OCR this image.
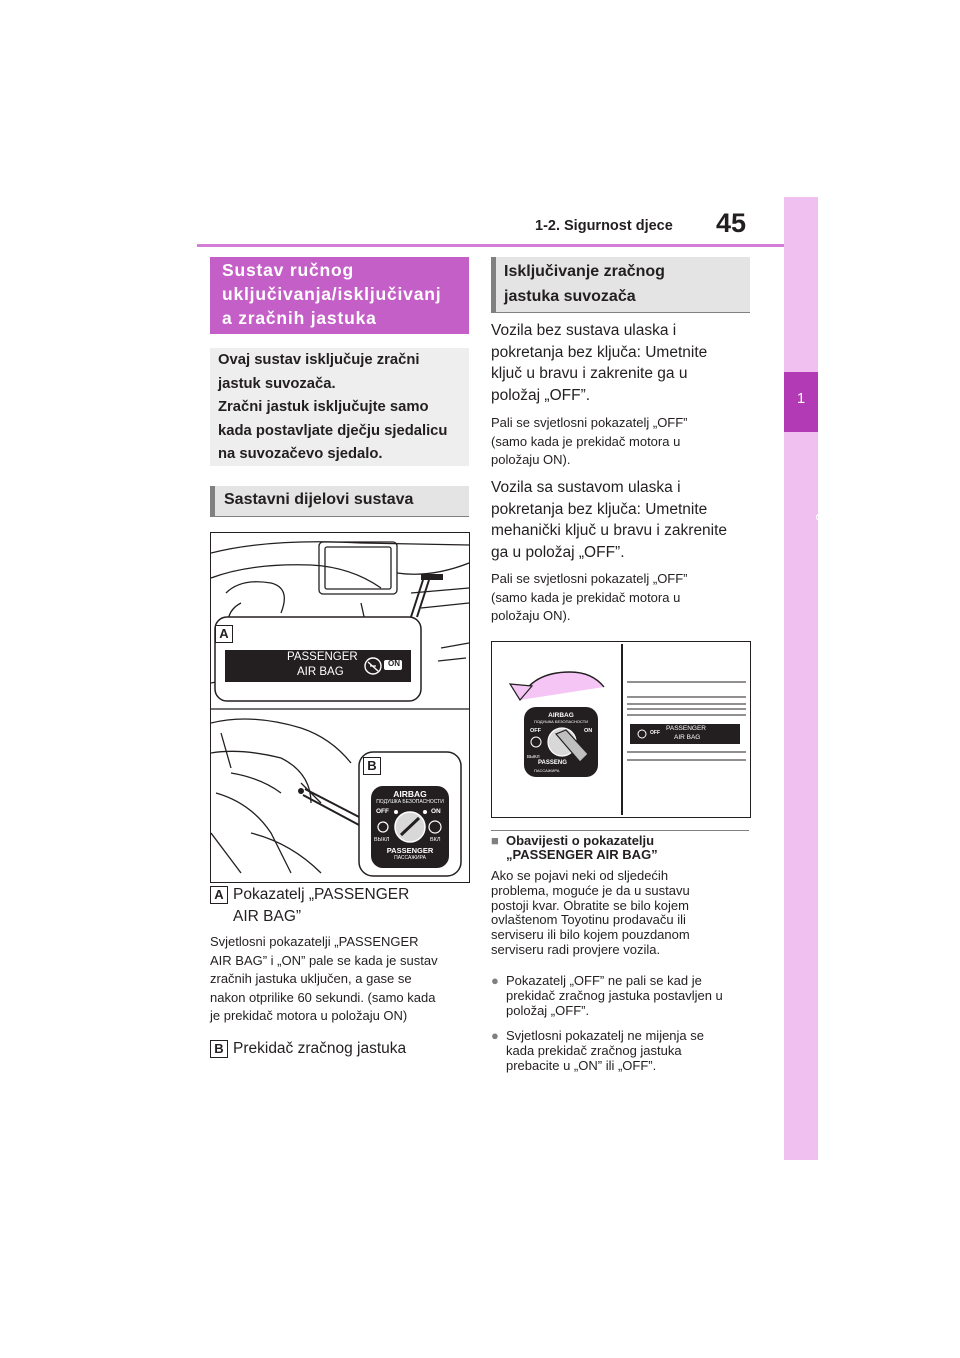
1-2. Sigurnost djece 45
1
Za sigurnost i zaštitu
Sustav ručnog
uključivanja/isključivanj
a zračnih jastuka
Ovaj sustav isključuje zračni
jastuk suvozača.
Zračni jastuk isključujte samo
kada postavljate dječju sjedalicu
na suvozačevo sjedalo.
Sastavni dijelovi sustava
A
PASSENGER
AIR BAG
ON
B
AIRBAG
ПОДУШКА БЕЗОПАСНОСТИ
OFF	ON
ВЫКЛ	ВКЛ
PASSENGER
ПАССАЖИРА
A Pokazatelj „PASSENGER
AIR BAG”
Svjetlosni pokazatelji „PASSENGER
AIR BAG” i „ON” pale se kada je sustav
zračnih jastuka uključen, a gase se
nakon otprilike 60 sekundi. (samo kada
je prekidač motora u položaju ON)
B Prekidač zračnog jastuka
Isključivanje zračnog
jastuka suvozača
Vozila bez sustava ulaska i
pokretanja bez ključa: Umetnite
ključ u bravu i zakrenite ga u
položaj „OFF”.
Pali se svjetlosni pokazatelj „OFF”
(samo kada je prekidač motora u
položaju ON).
Vozila sa sustavom ulaska i
pokretanja bez ključa: Umetnite
mehanički ključ u bravu i zakrenite
ga u položaj „OFF”.
Pali se svjetlosni pokazatelj „OFF”
(samo kada je prekidač motora u
položaju ON).
AIRBAG
ПОДУШКА БЕЗОПАСНОСТИ
OFF	ON
ВЫКЛ
PASSENG
ПАССАЖИРА
OFF
PASSENGER
AIR BAG
■ Obavijesti o pokazatelju
„PASSENGER AIR BAG”
Ako se pojavi neki od sljedećih
problema, moguće je da u sustavu
postoji kvar. Obratite se bilo kojem
ovlaštenom Toyotinu prodavaču ili
serviseru ili bilo kojem pouzdanom
serviseru radi provjere vozila.
● Pokazatelj „OFF” ne pali se kad je
prekidač zračnog jastuka postavljen u
položaj „OFF”.
● Svjetlosni pokazatelj ne mijenja se
kada prekidač zračnog jastuka
prebacite u „ON” ili „OFF”.
